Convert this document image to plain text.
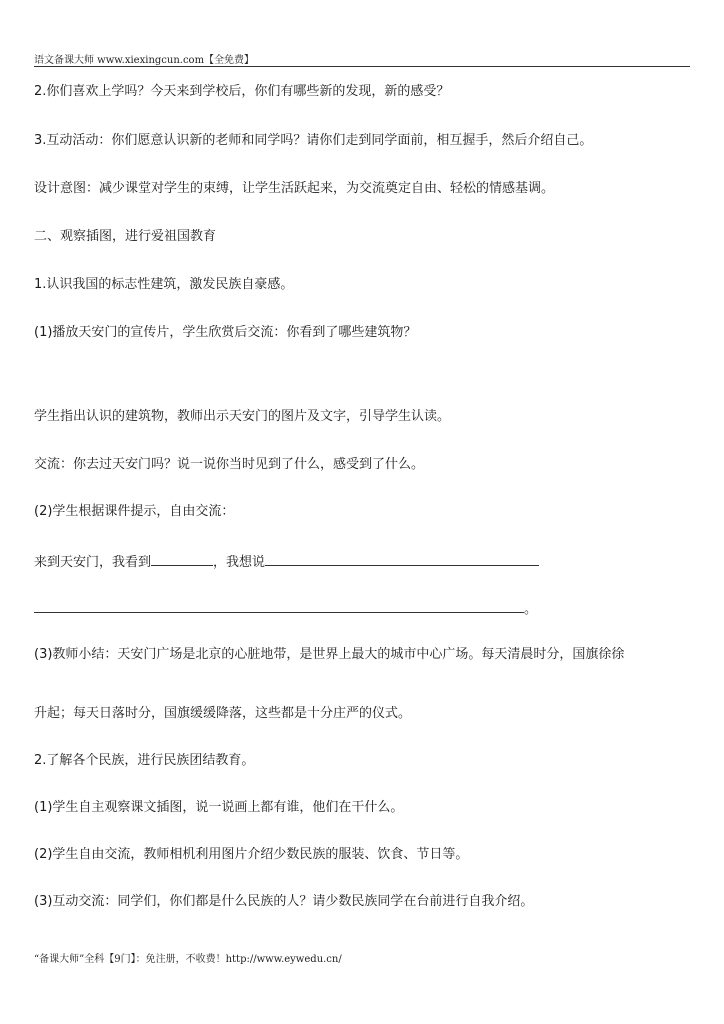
语文备课大师 www.xiexingcun.com【全免费】
2.你们喜欢上学吗？今天来到学校后，你们有哪些新的发现，新的感受？
3.互动活动：你们愿意认识新的老师和同学吗？请你们走到同学面前，相互握手，然后介绍自己。
设计意图：减少课堂对学生的束缚，让学生活跃起来，为交流奠定自由、轻松的情感基调。
二、观察插图，进行爱祖国教育
1.认识我国的标志性建筑，激发民族自豪感。
(1)播放天安门的宣传片，学生欣赏后交流：你看到了哪些建筑物？
学生指出认识的建筑物，教师出示天安门的图片及文字，引导学生认读。
交流：你去过天安门吗？说一说你当时见到了什么，感受到了什么。
(2)学生根据课件提示，自由交流：
来到天安门，我看到	，我想说
。
(3)教师小结：天安门广场是北京的心脏地带，是世界上最大的城市中心广场。每天清晨时分，国旗徐徐
升起；每天日落时分，国旗缓缓降落，这些都是十分庄严的仪式。
2.了解各个民族，进行民族团结教育。
(1)学生自主观察课文插图，说一说画上都有谁，他们在干什么。
(2)学生自由交流，教师相机利用图片介绍少数民族的服装、饮食、节日等。
(3)互动交流：同学们，你们都是什么民族的人？请少数民族同学在台前进行自我介绍。
“备课大师”全科【9门】：免注册，不收费！http://www.eywedu.cn/
